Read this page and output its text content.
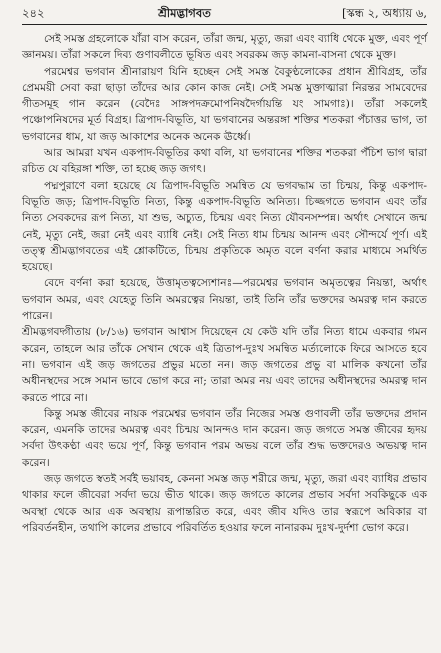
২৪২	শ্রীমদ্ভাগবত	[স্কন্ধ ২, অধ্যায় ৬,

সেই সমস্ত গ্রহলোকে যাঁরা বাস করেন, তাঁরা জন্ম, মৃত্যু, জরা এবং ব্যাধি থেকে মুক্ত, এবং পূর্ণ জ্ঞানময়। তাঁরা সকলে দিব্য গুণাবলীতে ভূষিত এবং সবরকম জড় কামনা-বাসনা থেকে মুক্ত।

পরমেশ্বর ভগবান শ্রীনারায়ণ যিনি হচ্ছেন সেই সমস্ত বৈকুণ্ঠলোকের প্রধান শ্রীবিগ্রহ, তাঁর প্রেমময়ী সেবা করা ছাড়া তাঁদের আর কোন কাজ নেই। সেই সমস্ত মুক্তাত্মারা নিরন্তর সামবেদের গীতসমূহ গান করেন (বেদৈঃ সাঙ্গপদক্রমোপনিষদৈর্গায়ন্তি যং সামগাঃ)। তাঁরা সকলেই পঞ্চোপনিষদের মূর্ত বিগ্রহ। ত্রিপাদ-বিভূতি, যা ভগবানের অন্তরঙ্গা শক্তির শতকরা পঁচাত্তর ভাগ, তা ভগবানের ধাম, যা জড় আকাশের অনেক অনেক ঊর্ধ্বে।

আর আমরা যখন একপাদ-বিভূতির কথা বলি, যা ভগবানের শক্তির শতকরা পঁচিশ ভাগ দ্বারা রচিত যে বহিরঙ্গা শক্তি, তা হচ্ছে জড় জগৎ।

পদ্মপুরাণে বলা হয়েছে যে ত্রিপাদ-বিভূতি সমন্বিত যে ভগবদ্ধাম তা চিন্ময়, কিন্তু একপাদ-বিভূতি জড়; ত্রিপাদ-বিভূতি নিত্য, কিন্তু একপাদ-বিভূতি অনিত্য। চিজ্জগতে ভগবান এবং তাঁর নিত্য সেবকদের রূপ নিত্য, যা শুভ, অচ্যুত, চিন্ময় এবং নিত্য যৌবনসম্পন্ন। অর্থাৎ সেখানে জন্ম নেই, মৃত্যু নেই, জরা নেই এবং ব্যাধি নেই। সেই নিত্য ধাম চিন্ময় আনন্দ এবং সৌন্দর্যে পূর্ণ। এই তত্ত্ব শ্রীমদ্ভাগবতের এই শ্লোকটিতে, চিন্ময় প্রকৃতিকে অমৃত বলে বর্ণনা করার মাধ্যমে সমর্থিত হয়েছে।

বেদে বর্ণনা করা হয়েছে, উত্তামৃতত্বস্যেশানঃ—পরমেশ্বর ভগবান অমৃতত্বের নিয়ন্তা, অর্থাৎ ভগবান অমর, এবং যেহেতু তিনি অমরত্বের নিয়ন্তা, তাই তিনি তাঁর ভক্তদের অমরত্ব দান করতে পারেন।

শ্রীমদ্ভগবদ্গীতায় (৮/১৬) ভগবান আশ্বাস দিয়েছেন যে কেউ যদি তাঁর নিত্য ধামে একবার গমন করেন, তাহলে আর তাঁকে সেখান থেকে এই ত্রিতাপ-দুঃখ সমন্বিত মর্ত্যলোকে ফিরে আসতে হবে না। ভগবান এই জড় জগতের প্রভুর মতো নন। জড় জগতের প্রভু বা মালিক কখনো তাঁর অধীনস্থদের সঙ্গে সমান ভাবে ভোগ করে না; তারা অমর নয় এবং তাদের অধীনস্থদের অমরত্ব দান করতে পারে না।

কিন্তু সমস্ত জীবের নায়ক পরমেশ্বর ভগবান তাঁর নিজের সমস্ত গুণাবলী তাঁর ভক্তদের প্রদান করেন, এমনকি তাদের অমরত্ব এবং চিন্ময় আনন্দও দান করেন। জড় জগতে সমস্ত জীবের হৃদয় সর্বদা উৎকণ্ঠা এবং ভয়ে পূর্ণ, কিন্তু ভগবান পরম অভয় বলে তাঁর শুদ্ধ ভক্তদেরও অভয়ত্ব দান করেন।

জড় জগতে স্বতই সর্বই ভয়াবহ, কেননা সমস্ত জড় শরীরে জন্ম, মৃত্যু, জরা এবং ব্যাধির প্রভাব থাকার ফলে জীবেরা সর্বদা ভয়ে ভীত থাকে। জড় জগতে কালের প্রভাব সর্বদা সবকিছুকে এক অবস্থা থেকে আর এক অবস্থায় রূপান্তরিত করে, এবং জীব যদিও তার স্বরূপে অবিকার বা পরিবর্তনহীন, তথাপি কালের প্রভাবে পরিবর্তিত হওয়ার ফলে নানারকম দুঃখ-দুর্দশা ভোগ করে।
